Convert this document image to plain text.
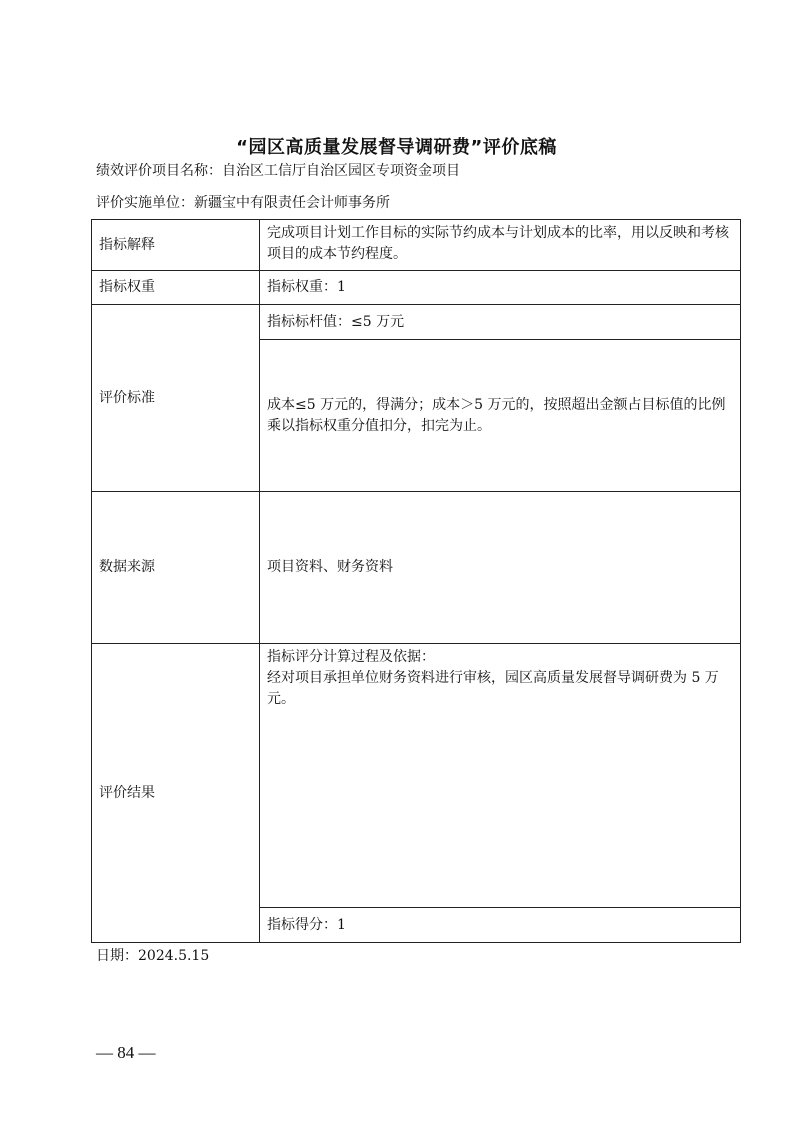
“园区高质量发展督导调研费”评价底稿
绩效评价项目名称：自治区工信厅自治区园区专项资金项目
评价实施单位：新疆宝中有限责任会计师事务所
指标解释	完成项目计划工作目标的实际节约成本与计划成本的比率，用以反映和考核项目的成本节约程度。
指标权重	指标权重：1
评价标准	指标标杆值：≤5 万元
	成本≤5 万元的，得满分；成本＞5 万元的，按照超出金额占目标值的比例乘以指标权重分值扣分，扣完为止。
数据来源	项目资料、财务资料
评价结果	指标评分计算过程及依据：
经对项目承担单位财务资料进行审核，园区高质量发展督导调研费为 5 万元。

	指标得分：1
日期：2024.5.15
— 84 —
